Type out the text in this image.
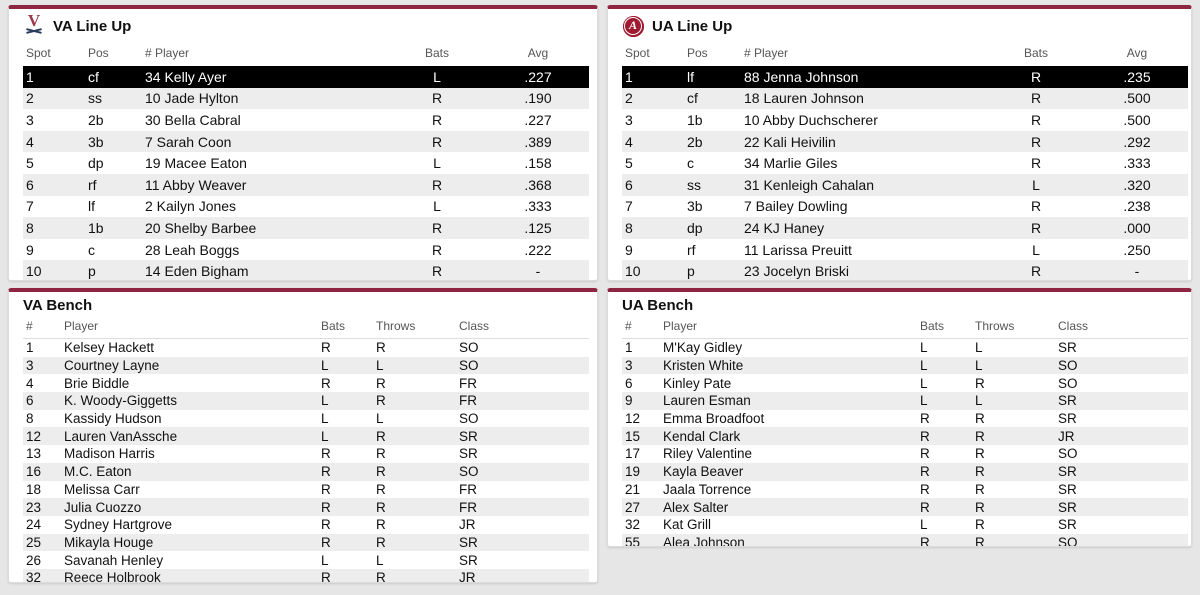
V VA Line Up
Spot	Pos	# Player	Bats	Avg
1	cf	34 Kelly Ayer	L	.227
2	ss	10 Jade Hylton	R	.190
3	2b	30 Bella Cabral	R	.227
4	3b	7 Sarah Coon	R	.389
5	dp	19 Macee Eaton	L	.158
6	rf	11 Abby Weaver	R	.368
7	lf	2 Kailyn Jones	L	.333
8	1b	20 Shelby Barbee	R	.125
9	c	28 Leah Boggs	R	.222
10	p	14 Eden Bigham	R	-
A UA Line Up
Spot	Pos	# Player	Bats	Avg
1	lf	88 Jenna Johnson	R	.235
2	cf	18 Lauren Johnson	R	.500
3	1b	10 Abby Duchscherer	R	.500
4	2b	22 Kali Heivilin	R	.292
5	c	34 Marlie Giles	R	.333
6	ss	31 Kenleigh Cahalan	L	.320
7	3b	7 Bailey Dowling	R	.238
8	dp	24 KJ Haney	R	.000
9	rf	11 Larissa Preuitt	L	.250
10	p	23 Jocelyn Briski	R	-
VA Bench
#	Player	Bats	Throws	Class
1	Kelsey Hackett	R	R	SO
3	Courtney Layne	L	L	SO
4	Brie Biddle	R	R	FR
6	K. Woody-Giggetts	L	R	FR
8	Kassidy Hudson	L	L	SO
12	Lauren VanAssche	L	R	SR
13	Madison Harris	R	R	SR
16	M.C. Eaton	R	R	SO
18	Melissa Carr	R	R	FR
23	Julia Cuozzo	R	R	FR
24	Sydney Hartgrove	R	R	JR
25	Mikayla Houge	R	R	SR
26	Savanah Henley	L	L	SR
32	Reece Holbrook	R	R	JR
UA Bench
#	Player	Bats	Throws	Class
1	M'Kay Gidley	L	L	SR
3	Kristen White	L	L	SO
6	Kinley Pate	L	R	SO
9	Lauren Esman	L	L	SR
12	Emma Broadfoot	R	R	SR
15	Kendal Clark	R	R	JR
17	Riley Valentine	R	R	SO
19	Kayla Beaver	R	R	SR
21	Jaala Torrence	R	R	SR
27	Alex Salter	R	R	SR
32	Kat Grill	L	R	SR
55	Alea Johnson	R	R	SO
